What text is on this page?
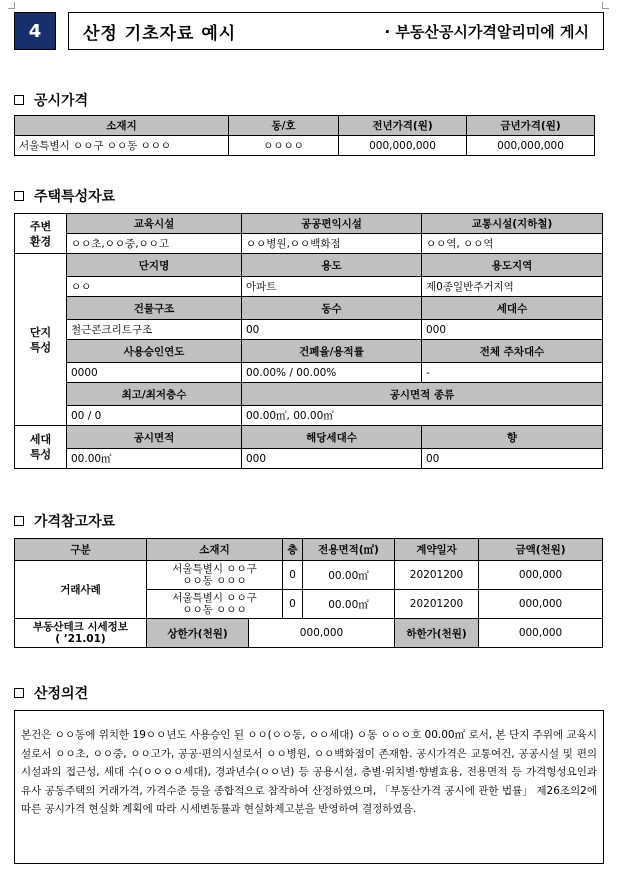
4 산정 기초자료 예시	· 부동산공시가격알리미에 게시
공시가격
소재지	동/호	전년가격(원)	금년가격(원)
서울특별시 ㅇㅇ구 ㅇㅇ동 ㅇㅇㅇ	ㅇㅇㅇㅇ	000,000,000	000,000,000
주택특성자료
주변
환경	교육시설	공공편익시설	교통시설(지하철)
	ㅇㅇ초,ㅇㅇ중,ㅇㅇ고	ㅇㅇ병원,ㅇㅇ백화점	ㅇㅇ역, ㅇㅇ역
단지
특성	단지명	용도	용도지역
	ㅇㅇ	아파트	제0종일반주거지역
	건물구조	동수	세대수
	철근콘크리트구조	00	000
	사용승인연도	건폐율/용적률	전체 주차대수
	0000	00.00% / 00.00%	-
	최고/최저층수	공시면적 종류	
	00 / 0	00.00㎡, 00.00㎡	
세대
특성	공시면적	해당세대수	향
	00.00㎡	000	00
가격참고자료
구분	소재지		층	전용면적(㎡)	계약일자	금액(천원)
거래사례	서울특별시 ㅇㅇ구
ㅇㅇ동 ㅇㅇㅇ		0	00.00㎡	20201200	000,000
	서울특별시 ㅇㅇ구
ㅇㅇ동 ㅇㅇㅇ		0	00.00㎡	20201200	000,000
부동산테크 시세정보
( ’21.01)	상한가(천원)	000,000			하한가(천원)	000,000
산정의견
본건은 ㅇㅇ동에 위치한 19ㅇㅇ년도 사용승인 된 ㅇㅇ(ㅇㅇ동, ㅇㅇ세대) ㅇ동 ㅇㅇㅇ호 00.00㎡ 로서, 본 단지 주위에 교육시설로서 ㅇㅇ초, ㅇㅇ중, ㅇㅇ고가, 공공·편의시설로서 ㅇㅇ병원, ㅇㅇ백화점이 존재함. 공시가격은 교통여건, 공공시설 및 편의시설과의 접근성, 세대 수(ㅇㅇㅇㅇ세대), 경과년수(ㅇㅇ년) 등 공용시설, 층별·위치별·향별효용, 전용면적 등 가격형성요인과 유사 공동주택의 거래가격, 가격수준 등을 종합적으로 참작하여 산정하였으며, 「부동산가격 공시에 관한 법률」 제26조의2에 따른 공시가격 현실화 계획에 따라 시세변동률과 현실화제고분을 반영하여 결정하였음.
